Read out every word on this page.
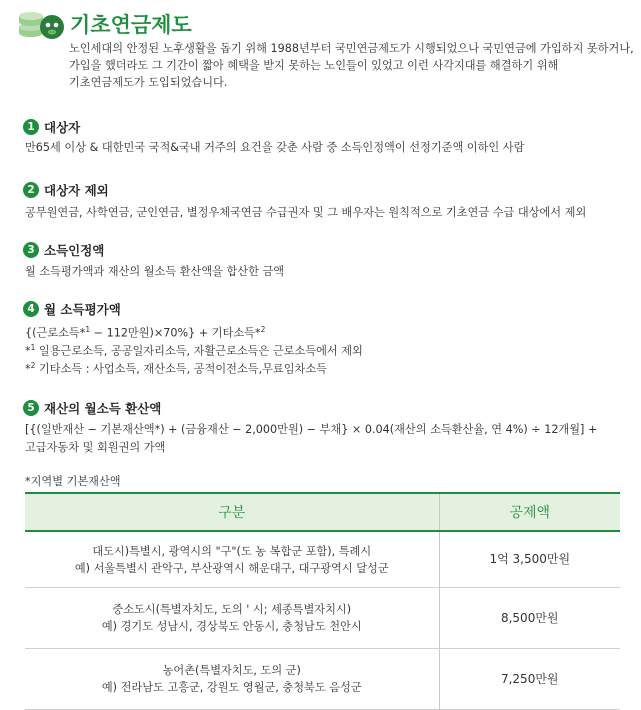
기초연금제도
노인세대의 안정된 노후생활을 돕기 위해 1988년부터 국민연금제도가 시행되었으나 국민연금에 가입하지 못하거나, 가입을 했더라도 그 기간이 짧아 혜택을 받지 못하는 노인들이 있었고 이런 사각지대를 해결하기 위해 기초연금제도가 도입되었습니다.
1 대상자
만65세 이상 & 대한민국 국적&국내 거주의 요건을 갖춘 사람 중 소득인정액이 선정기준액 이하인 사람
2 대상자 제외
공무원연금, 사학연금, 군인연금, 별정우체국연금 수급권자 및 그 배우자는 원칙적으로 기초연금 수급 대상에서 제외
3 소득인정액
월 소득평가액과 재산의 월소득 환산액을 합산한 금액
4 월 소득평가액
{(근로소득*$^1$ − 112만원)×70%} + 기타소득*$^2$
*$^1$ 일용근로소득, 공공일자리소득, 자활근로소득은 근로소득에서 제외
*$^2$ 기타소득 : 사업소득, 재산소득, 공적이전소득,무료임차소득
5 재산의 월소득 환산액
[{(일반재산 − 기본재산액*) + (금융재산 − 2,000만원) − 부채} × 0.04(재산의 소득환산율, 연 4%) ÷ 12개월] +
고급자동차 및 회원권의 가액
*지역별 기본재산액
구분	공제액

대도시)특별시, 광역시의 "구"(도 농 복합군 포함), 특례시
예) 서울특별시 관악구, 부산광역시 해운대구, 대구광역시 달성군	1억 3,500만원

중소도시(특별자치도, 도의 ' 시; 세종특별자치시)
예) 경기도 성남시, 경상북도 안동시, 충청남도 천안시	8,500만원

농어촌(특별자치도, 도의 군)
예) 전라남도 고흥군, 강원도 영월군, 충청북도 음성군	7,250만원
